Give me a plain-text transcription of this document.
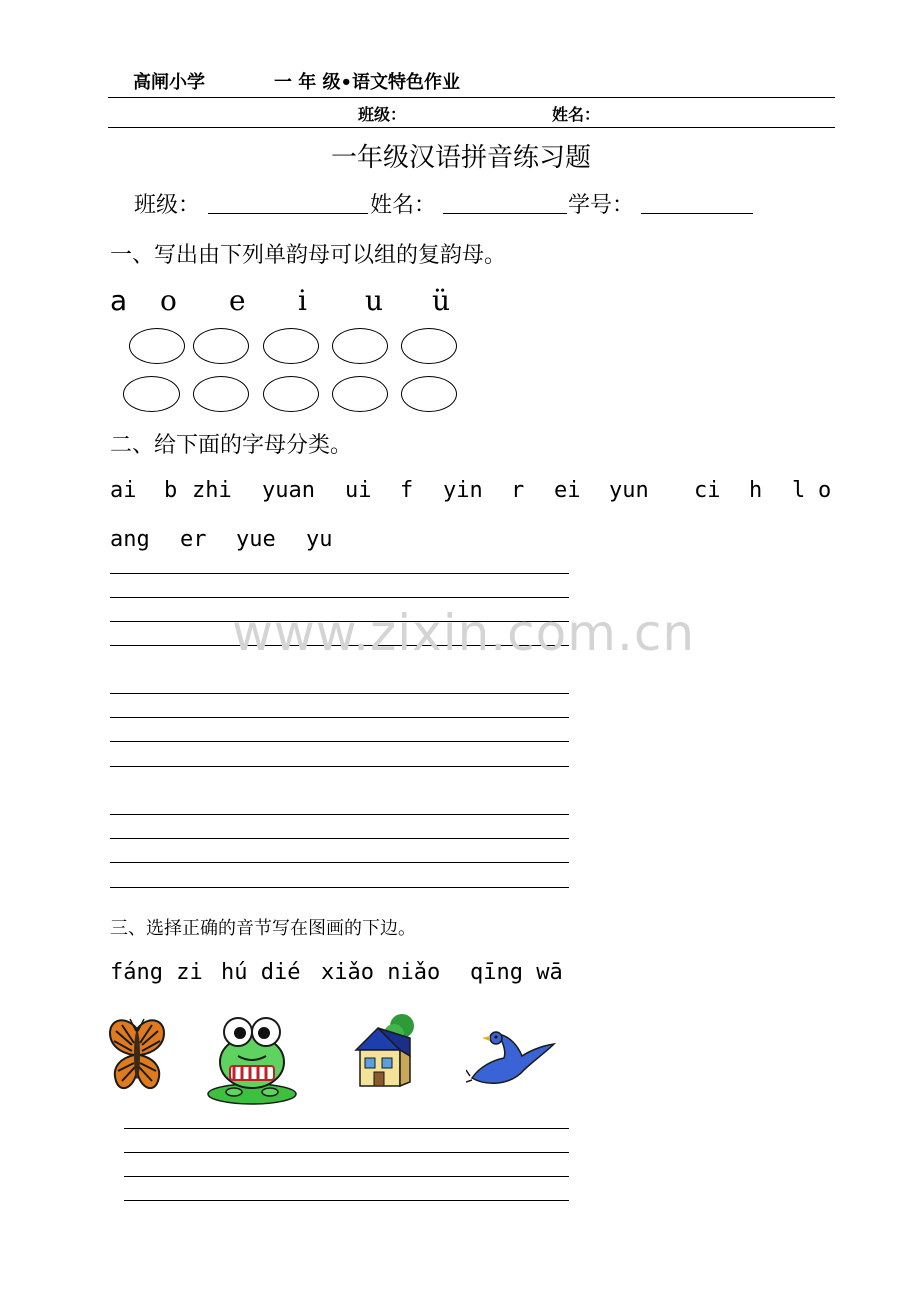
高闸小学	一 年 级•语文特色作业
班级：	姓名：
一年级汉语拼音练习题
班级：	姓名：	学号：
一、写出由下列单韵母可以组的复韵母。
a o e i u ü
二、给下面的字母分类。
ai b zhi yuan ui f yin r ei yun ci h l o
ang er yue yu
www.zixin.com.cn
三、选择正确的音节写在图画的下边。
fáng zi hú dié xiǎo niǎo qīng wā
